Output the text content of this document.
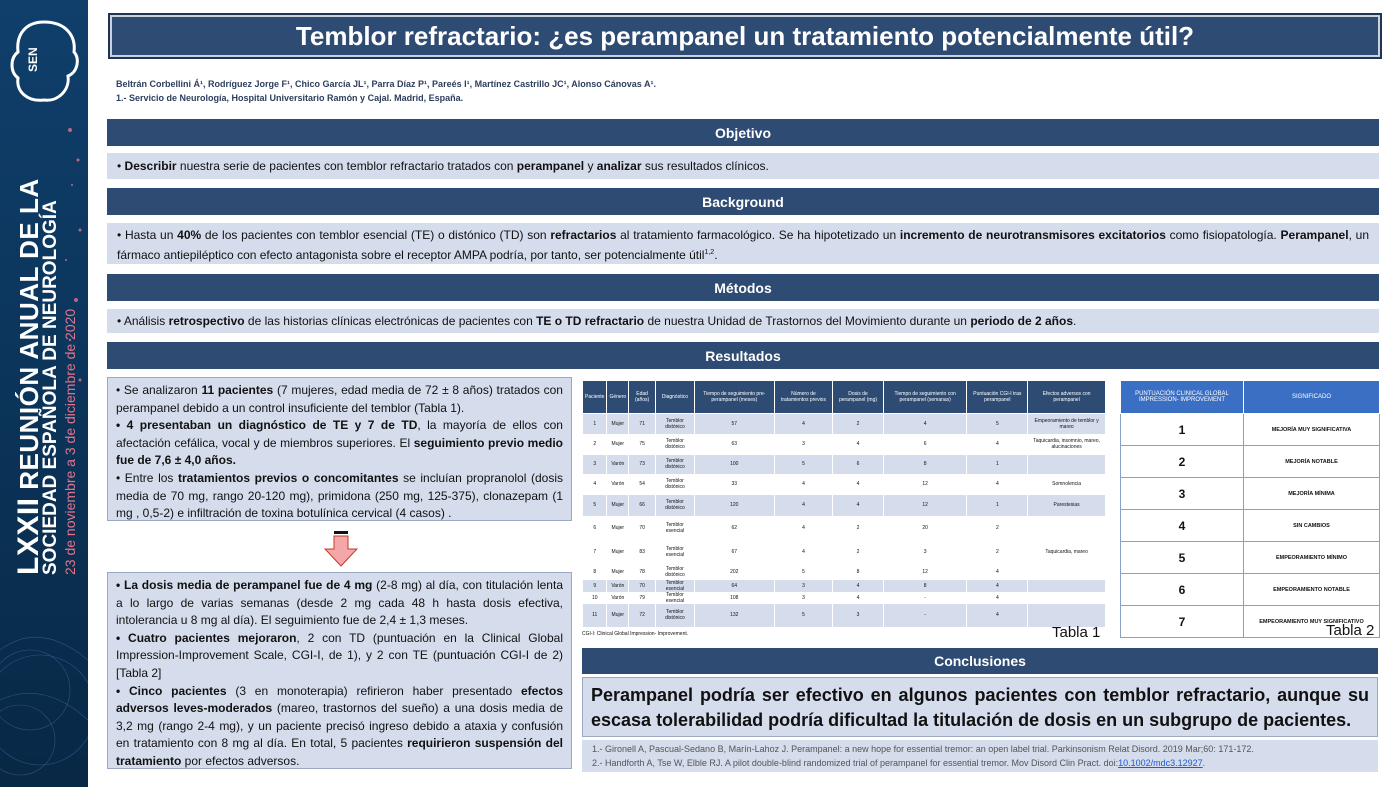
SEN
LXXII REUNIÓN ANUAL DE LA
SOCIEDAD ESPAÑOLA DE NEUROLOGÍA 23 de noviembre a 3 de diciembre de 2020
Temblor refractario: ¿es perampanel un tratamiento potencialmente útil?
Beltrán Corbellini Á¹, Rodríguez Jorge F¹, Chico García JL¹, Parra Díaz P¹, Pareés I¹, Martínez Castrillo JC¹, Alonso Cánovas A¹.
1.- Servicio de Neurología, Hospital Universitario Ramón y Cajal. Madrid, España.
Objetivo
• Describir nuestra serie de pacientes con temblor refractario tratados con perampanel y analizar sus resultados clínicos.
Background
• Hasta un 40% de los pacientes con temblor esencial (TE) o distónico (TD) son refractarios al tratamiento farmacológico. Se ha hipotetizado un incremento de neurotransmisores excitatorios como fisiopatología. Perampanel, un fármaco antiepiléptico con efecto antagonista sobre el receptor AMPA podría, por tanto, ser potencialmente útil$^{1,2}$.
Métodos
• Análisis retrospectivo de las historias clínicas electrónicas de pacientes con TE o TD refractario de nuestra Unidad de Trastornos del Movimiento durante un periodo de 2 años.
Resultados

• Se analizaron 11 pacientes (7 mujeres, edad media de 72 ± 8 años) tratados con perampanel debido a un control insuficiente del temblor (Tabla 1).

• 4 presentaban un diagnóstico de TE y 7 de TD, la mayoría de ellos con afectación cefálica, vocal y de miembros superiores. El seguimiento previo medio fue de 7,6 ± 4,0 años.

• Entre los tratamientos previos o concomitantes se incluían propranolol (dosis media de 70 mg, rango 20-120 mg), primidona (250 mg, 125-375), clonazepam (1 mg , 0,5-2) e infiltración de toxina botulínica cervical (4 casos) .

• La dosis media de perampanel fue de 4 mg (2-8 mg) al día, con titulación lenta a lo largo de varias semanas (desde 2 mg cada 48 h hasta dosis efectiva, intolerancia u 8 mg al día). El seguimiento fue de 2,4 ± 1,3 meses.

• Cuatro pacientes mejoraron, 2 con TD (puntuación en la Clinical Global Impression-Improvement Scale, CGI-I, de 1), y 2 con TE (puntuación CGI-I de 2) [Tabla 2]

• Cinco pacientes (3 en monoterapia) refirieron haber presentado efectos adversos leves-moderados (mareo, trastornos del sueño) a una dosis media de 3,2 mg (rango 2-4 mg), y un paciente precisó ingreso debido a ataxia y confusión en tratamiento con 8 mg al día. En total, 5 pacientes requirieron suspensión del tratamiento por efectos adversos.

Paciente	Género	Edad (años)	Diagnóstico	Tiempo de seguimiento pre-perampanel (meses)	Número de tratamientos previos	Dosis de perampanel (mg)	Tiempo de seguimiento con perampanel (semanas)	Puntuación CGI-I tras perampanel	Efectos adversos con perampanel
1	Mujer	71	Temblor distónico	57	4	2	4	5	Empeoramiento de temblor y mareo
2	Mujer	75	Temblor distónico	63	3	4	6	4	Taquicardia, insomnio, mareo, alucinaciones
3	Varón	73	Temblor distónico	100	5	6	8	1	
4	Varón	54	Temblor distónico	33	4	4	12	4	Somnolencia
5	Mujer	66	Temblor distónico	120	4	4	12	1	Parestesias
6	Mujer	70	Temblor esencial	62	4	2	20	2	
7	Mujer	83	Temblor esencial	67	4	2	3	2	Taquicardia, mareo
8	Mujer	78	Temblor distónico	202	5	8	12	4	
9	Varón	70	Temblor esencial	64	3	4	8	4	
10	Varón	79	Temblor esencial	108	3	4	-	4	
11	Mujer	72	Temblor distónico	132	5	3	-	4	
CGI-I: Clinical Global Impression- Improvement.	Tabla 1
PUNTUACIÓN CLINICAL GLOBAL IMPRESSION- IMPROVEMENT	SIGNIFICADO
1	MEJORÍA MUY SIGNIFICATIVA
2	MEJORÍA NOTABLE
3	MEJORÍA MÍNIMA
4	SIN CAMBIOS
5	EMPEORAMIENTO MÍNIMO
6	EMPEORAMIENTO NOTABLE
7	EMPEORAMIENTO MUY SIGNIFICATIVO
Tabla 2
Conclusiones
Perampanel podría ser efectivo en algunos pacientes con temblor refractario, aunque su escasa tolerabilidad podría dificultad la titulación de dosis en un subgrupo de pacientes.
1.- Gironell A, Pascual-Sedano B, Marín-Lahoz J. Perampanel: a new hope for essential tremor: an open label trial. Parkinsonism Relat Disord. 2019 Mar;60: 171-172.
2.- Handforth A, Tse W, Elble RJ. A pilot double-blind randomized trial of perampanel for essential tremor. Mov Disord Clin Pract. doi:10.1002/mdc3.12927.
